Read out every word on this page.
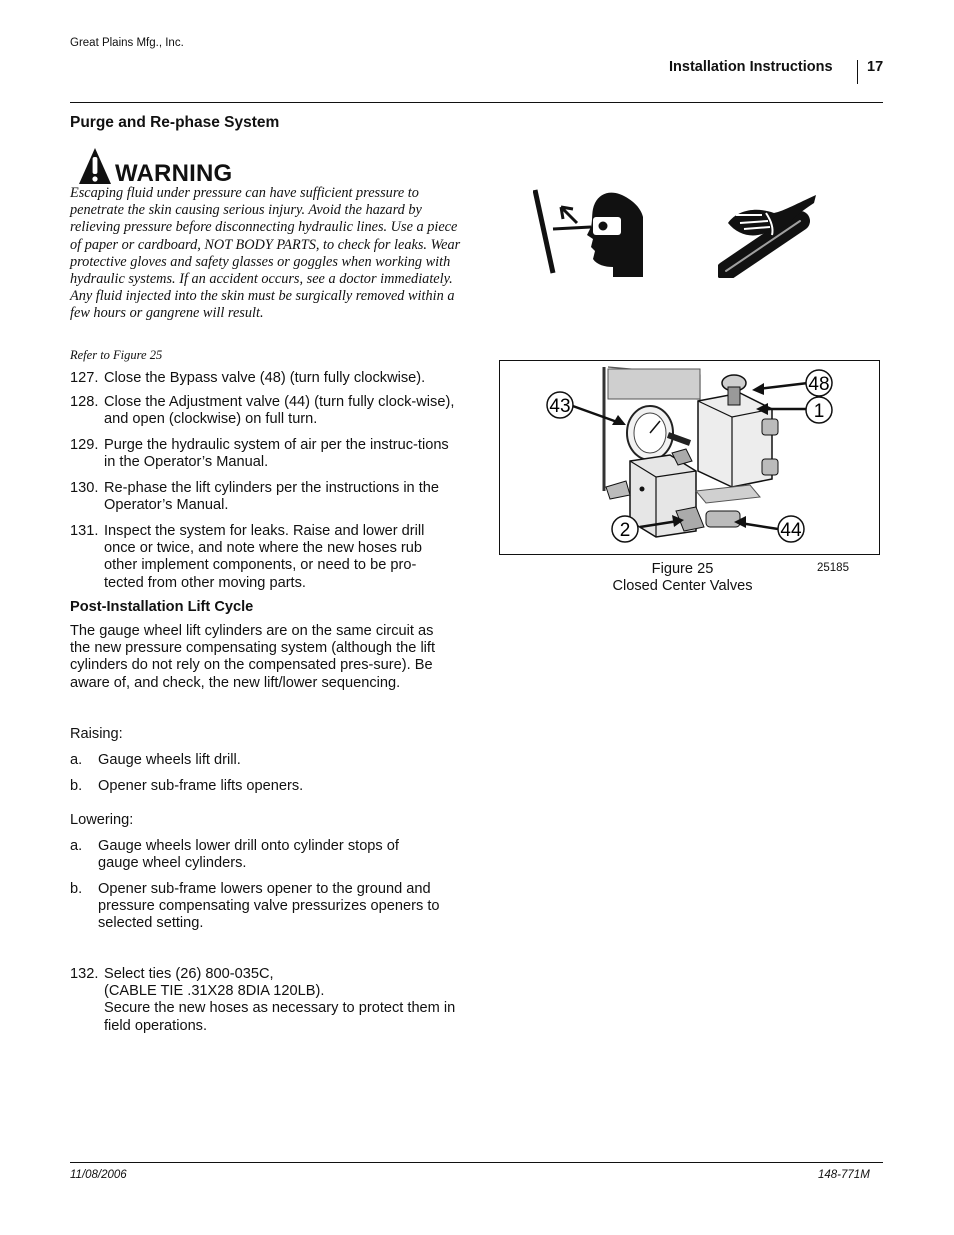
Great Plains Mfg., Inc.
Installation Instructions 17
Purge and Re-phase System
WARNING
Escaping fluid under pressure can have sufficient pressure to penetrate the skin causing serious injury. Avoid the hazard by relieving pressure before disconnecting hydraulic lines. Use a piece of paper or cardboard, NOT BODY PARTS, to check for leaks. Wear protective gloves and safety glasses or goggles when working with hydraulic systems. If an accident occurs, see a doctor immediately. Any fluid injected into the skin must be surgically removed within a few hours or gangrene will result.
Refer to Figure 25
127. Close the Bypass valve (48) (turn fully clockwise).
128. Close the Adjustment valve (44) (turn fully clock-wise), and open (clockwise) on full turn.
129. Purge the hydraulic system of air per the instruc-tions in the Operator’s Manual.
130. Re-phase the lift cylinders per the instructions in the Operator’s Manual.
131. Inspect the system for leaks. Raise and lower drill once or twice, and note where the new hoses rub other implement components, or need to be pro-tected from other moving parts.
Post-Installation Lift Cycle
The gauge wheel lift cylinders are on the same circuit as the new pressure compensating system (although the lift cylinders do not rely on the compensated pres-sure). Be aware of, and check, the new lift/lower sequencing.
Raising:
a. Gauge wheels lift drill.
b. Opener sub-frame lifts openers.
Lowering:
a. Gauge wheels lower drill onto cylinder stops of gauge wheel cylinders.
b. Opener sub-frame lowers opener to the ground and pressure compensating valve pressurizes openers to selected setting.
132. Select ties (26) 800-035C,
(CABLE TIE .31X28 8DIA 120LB).
Secure the new hoses as necessary to protect them in field operations.
48
1
43
2	44
Figure 25
Closed Center Valves
25185
11/08/2006	148-771M
